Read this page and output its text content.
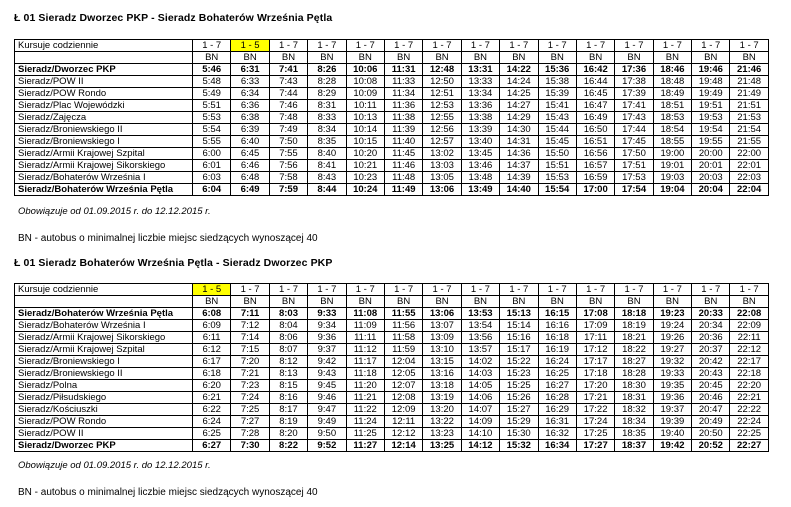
Ł 01 Sieradz Dworzec PKP - Sieradz Bohaterów Września Pętla
Kursuje codziennie	1 - 7	1 - 5	1 - 7	1 - 7	1 - 7	1 - 7	1 - 7	1 - 7	1 - 7	1 - 7	1 - 7	1 - 7	1 - 7	1 - 7	1 - 7
	BN	BN	BN	BN	BN	BN	BN	BN	BN	BN	BN	BN	BN	BN	BN
Sieradz/Dworzec PKP	5:46	6:31	7:41	8:26	10:06	11:31	12:48	13:31	14:22	15:36	16:42	17:36	18:46	19:46	21:46
Sieradz/POW II	5:48	6:33	7:43	8:28	10:08	11:33	12:50	13:33	14:24	15:38	16:44	17:38	18:48	19:48	21:48
Sieradz/POW Rondo	5:49	6:34	7:44	8:29	10:09	11:34	12:51	13:34	14:25	15:39	16:45	17:39	18:49	19:49	21:49
Sieradz/Plac Wojewódzki	5:51	6:36	7:46	8:31	10:11	11:36	12:53	13:36	14:27	15:41	16:47	17:41	18:51	19:51	21:51
Sieradz/Zajęcza	5:53	6:38	7:48	8:33	10:13	11:38	12:55	13:38	14:29	15:43	16:49	17:43	18:53	19:53	21:53
Sieradz/Broniewskiego II	5:54	6:39	7:49	8:34	10:14	11:39	12:56	13:39	14:30	15:44	16:50	17:44	18:54	19:54	21:54
Sieradz/Broniewskiego I	5:55	6:40	7:50	8:35	10:15	11:40	12:57	13:40	14:31	15:45	16:51	17:45	18:55	19:55	21:55
Sieradz/Armii Krajowej Szpital	6:00	6:45	7:55	8:40	10:20	11:45	13:02	13:45	14:36	15:50	16:56	17:50	19:00	20:00	22:00
Sieradz/Armii Krajowej Sikorskiego	6:01	6:46	7:56	8:41	10:21	11:46	13:03	13:46	14:37	15:51	16:57	17:51	19:01	20:01	22:01
Sieradz/Bohaterów Września I	6:03	6:48	7:58	8:43	10:23	11:48	13:05	13:48	14:39	15:53	16:59	17:53	19:03	20:03	22:03
Sieradz/Bohaterów Września Pętla	6:04	6:49	7:59	8:44	10:24	11:49	13:06	13:49	14:40	15:54	17:00	17:54	19:04	20:04	22:04
Obowiązuje od 01.09.2015 r. do 12.12.2015 r.
BN - autobus o minimalnej liczbie miejsc siedzących wynoszącej 40
Ł 01 Sieradz Bohaterów Września Pętla - Sieradz Dworzec PKP
Kursuje codziennie	1 - 5	1 - 7	1 - 7	1 - 7	1 - 7	1 - 7	1 - 7	1 - 7	1 - 7	1 - 7	1 - 7	1 - 7	1 - 7	1 - 7	1 - 7
	BN	BN	BN	BN	BN	BN	BN	BN	BN	BN	BN	BN	BN	BN	BN
Sieradz/Bohaterów Września Pętla	6:08	7:11	8:03	9:33	11:08	11:55	13:06	13:53	15:13	16:15	17:08	18:18	19:23	20:33	22:08
Sieradz/Bohaterów Września I	6:09	7:12	8:04	9:34	11:09	11:56	13:07	13:54	15:14	16:16	17:09	18:19	19:24	20:34	22:09
Sieradz/Armii Krajowej Sikorskiego	6:11	7:14	8:06	9:36	11:11	11:58	13:09	13:56	15:16	16:18	17:11	18:21	19:26	20:36	22:11
Sieradz/Armii Krajowej Szpital	6:12	7:15	8:07	9:37	11:12	11:59	13:10	13:57	15:17	16:19	17:12	18:22	19:27	20:37	22:12
Sieradz/Broniewskiego I	6:17	7:20	8:12	9:42	11:17	12:04	13:15	14:02	15:22	16:24	17:17	18:27	19:32	20:42	22:17
Sieradz/Broniewskiego II	6:18	7:21	8:13	9:43	11:18	12:05	13:16	14:03	15:23	16:25	17:18	18:28	19:33	20:43	22:18
Sieradz/Polna	6:20	7:23	8:15	9:45	11:20	12:07	13:18	14:05	15:25	16:27	17:20	18:30	19:35	20:45	22:20
Sieradz/Piłsudskiego	6:21	7:24	8:16	9:46	11:21	12:08	13:19	14:06	15:26	16:28	17:21	18:31	19:36	20:46	22:21
Sieradz/Kościuszki	6:22	7:25	8:17	9:47	11:22	12:09	13:20	14:07	15:27	16:29	17:22	18:32	19:37	20:47	22:22
Sieradz/POW Rondo	6:24	7:27	8:19	9:49	11:24	12:11	13:22	14:09	15:29	16:31	17:24	18:34	19:39	20:49	22:24
Sieradz/POW II	6:25	7:28	8:20	9:50	11:25	12:12	13:23	14:10	15:30	16:32	17:25	18:35	19:40	20:50	22:25
Sieradz/Dworzec PKP	6:27	7:30	8:22	9:52	11:27	12:14	13:25	14:12	15:32	16:34	17:27	18:37	19:42	20:52	22:27
Obowiązuje od 01.09.2015 r. do 12.12.2015 r.
BN - autobus o minimalnej liczbie miejsc siedzących wynoszącej 40
